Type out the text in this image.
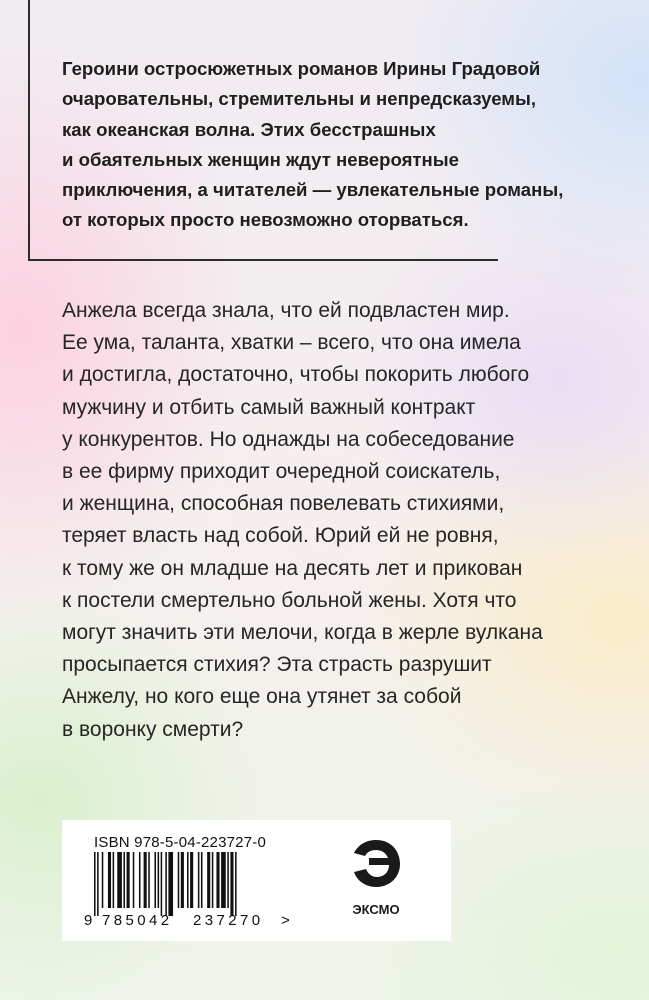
Героини остросюжетных романов Ирины Градовой
очаровательны, стремительны и непредсказуемы,
как океанская волна. Этих бесстрашных
и обаятельных женщин ждут невероятные
приключения, а читателей — увлекательные романы,
от которых просто невозможно оторваться.
Анжела всегда знала, что ей подвластен мир.
Ее ума, таланта, хватки – всего, что она имела
и достигла, достаточно, чтобы покорить любого
мужчину и отбить самый важный контракт
у конкурентов. Но однажды на собеседование
в ее фирму приходит очередной соискатель,
и женщина, способная повелевать стихиями,
теряет власть над собой. Юрий ей не ровня,
к тому же он младше на десять лет и прикован
к постели смертельно больной жены. Хотя что
могут значить эти мелочи, когда в жерле вулкана
просыпается стихия? Эта страсть разрушит
Анжелу, но кого еще она утянет за собой
в воронку смерти?
ISBN 978-5-04-223727-0
9 785042 237270 >
ЭКСМО
